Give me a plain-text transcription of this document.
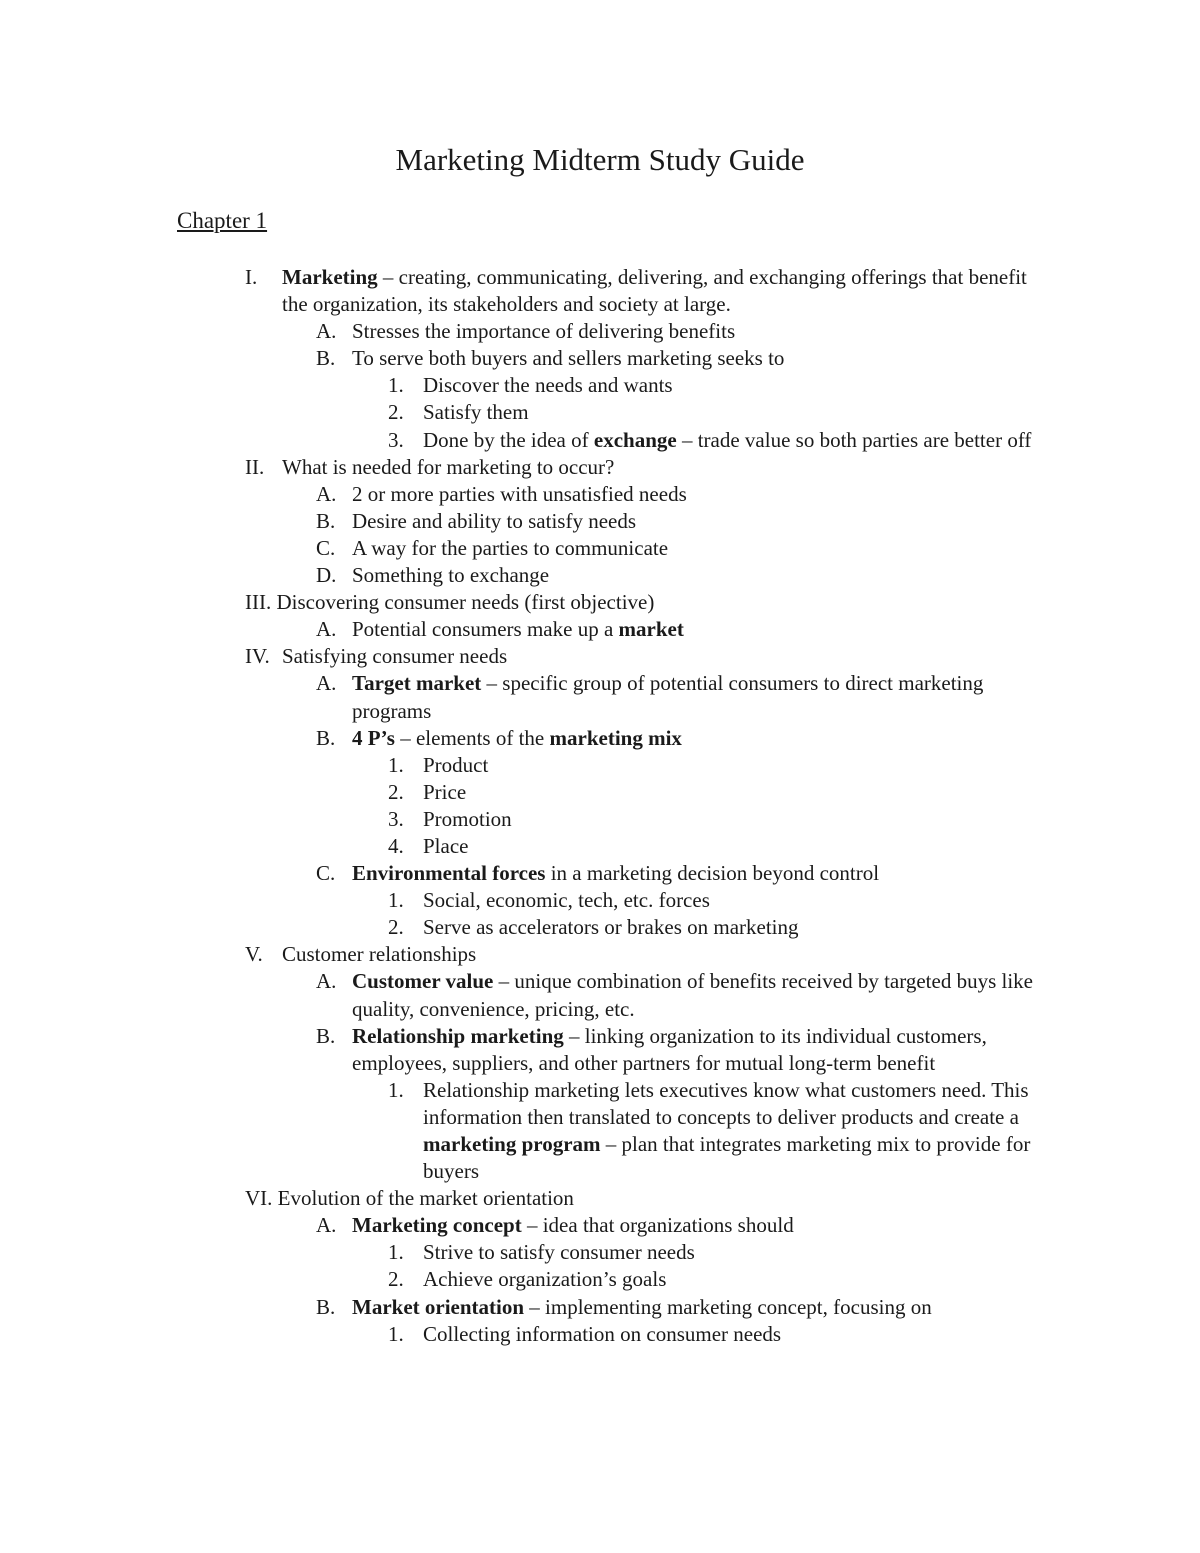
Marketing Midterm Study Guide
Chapter 1
I. Marketing – creating, communicating, delivering, and exchanging offerings that benefit the organization, its stakeholders and society at large.
A. Stresses the importance of delivering benefits
B. To serve both buyers and sellers marketing seeks to
1. Discover the needs and wants
2. Satisfy them
3. Done by the idea of exchange – trade value so both parties are better off
II. What is needed for marketing to occur?
A. 2 or more parties with unsatisfied needs
B. Desire and ability to satisfy needs
C. A way for the parties to communicate
D. Something to exchange
III. Discovering consumer needs (first objective)
A. Potential consumers make up a market
IV. Satisfying consumer needs
A. Target market – specific group of potential consumers to direct marketing programs
B. 4 P’s – elements of the marketing mix
1. Product
2. Price
3. Promotion
4. Place
C. Environmental forces in a marketing decision beyond control
1. Social, economic, tech, etc. forces
2. Serve as accelerators or brakes on marketing
V. Customer relationships
A. Customer value – unique combination of benefits received by targeted buys like quality, convenience, pricing, etc.
B. Relationship marketing – linking organization to its individual customers, employees, suppliers, and other partners for mutual long-term benefit
1. Relationship marketing lets executives know what customers need. This information then translated to concepts to deliver products and create a marketing program – plan that integrates marketing mix to provide for buyers
VI. Evolution of the market orientation
A. Marketing concept – idea that organizations should
1. Strive to satisfy consumer needs
2. Achieve organization’s goals
B. Market orientation – implementing marketing concept, focusing on
1. Collecting information on consumer needs
